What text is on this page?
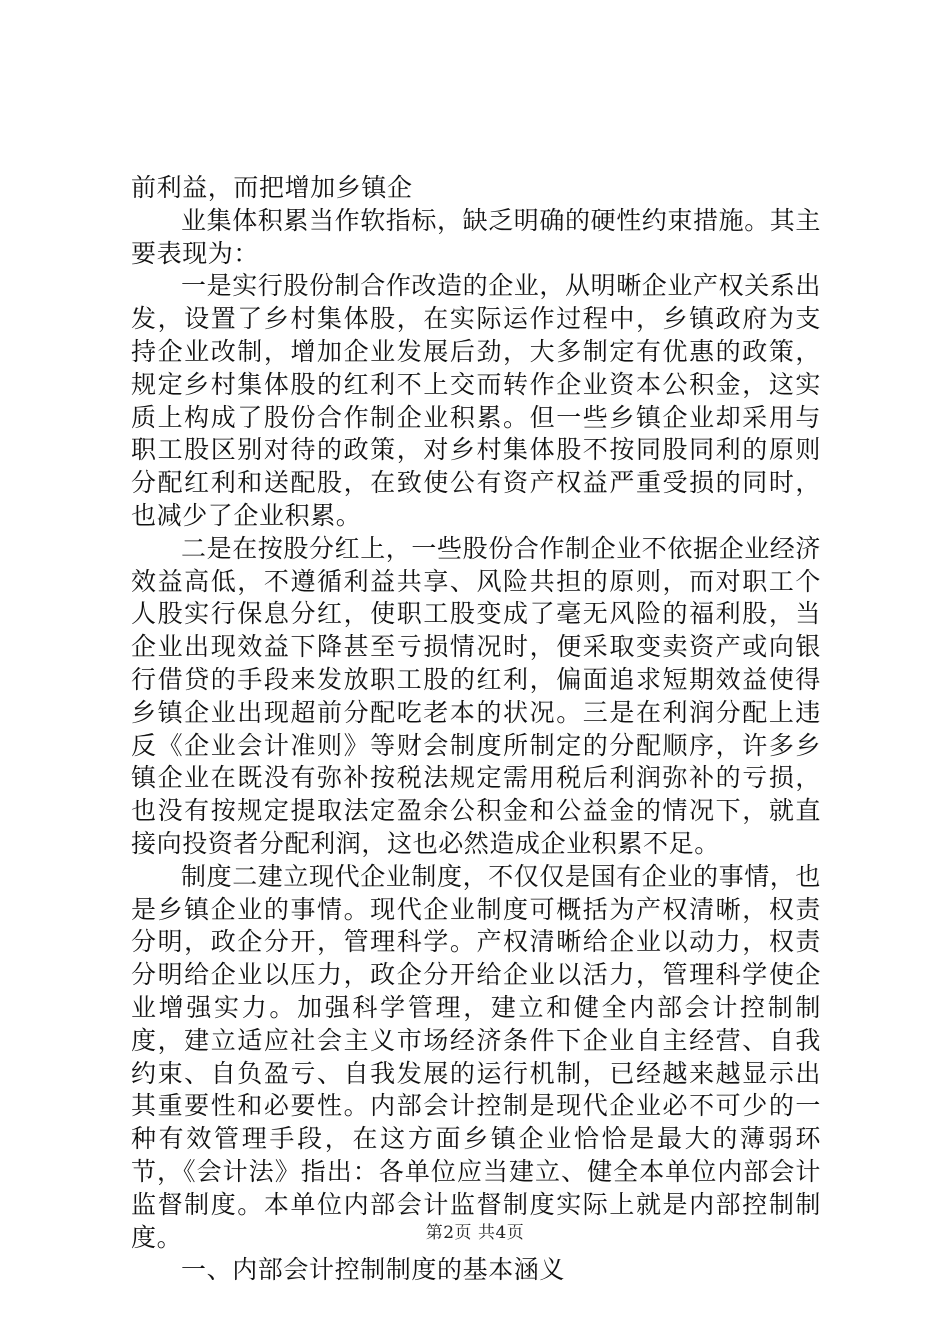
前利益，而把增加乡镇企

业集体积累当作软指标，缺乏明确的硬性约束措施。其主要表现为：

一是实行股份制合作改造的企业，从明晰企业产权关系出发，设置了乡村集体股，在实际运作过程中，乡镇政府为支持企业改制，增加企业发展后劲，大多制定有优惠的政策，规定乡村集体股的红利不上交而转作企业资本公积金，这实质上构成了股份合作制企业积累。但一些乡镇企业却采用与职工股区别对待的政策，对乡村集体股不按同股同利的原则分配红利和送配股，在致使公有资产权益严重受损的同时，也减少了企业积累。

二是在按股分红上，一些股份合作制企业不依据企业经济效益高低，不遵循利益共享、风险共担的原则，而对职工个人股实行保息分红，使职工股变成了毫无风险的福利股，当企业出现效益下降甚至亏损情况时，便采取变卖资产或向银行借贷的手段来发放职工股的红利，偏面追求短期效益使得乡镇企业出现超前分配吃老本的状况。三是在利润分配上违反《企业会计准则》等财会制度所制定的分配顺序，许多乡镇企业在既没有弥补按税法规定需用税后利润弥补的亏损，也没有按规定提取法定盈余公积金和公益金的情况下，就直接向投资者分配利润，这也必然造成企业积累不足。

制度二建立现代企业制度，不仅仅是国有企业的事情，也是乡镇企业的事情。现代企业制度可概括为产权清晰，权责分明，政企分开，管理科学。产权清晰给企业以动力，权责分明给企业以压力，政企分开给企业以活力，管理科学使企业增强实力。加强科学管理，建立和健全内部会计控制制度，建立适应社会主义市场经济条件下企业自主经营、自我约束、自负盈亏、自我发展的运行机制，已经越来越显示出其重要性和必要性。内部会计控制是现代企业必不可少的一种有效管理手段，在这方面乡镇企业恰恰是最大的薄弱环节，《会计法》指出：各单位应当建立、健全本单位内部会计监督制度。本单位内部会计监督制度实际上就是内部控制制度。

一、内部会计控制制度的基本涵义

第2页 共4页
